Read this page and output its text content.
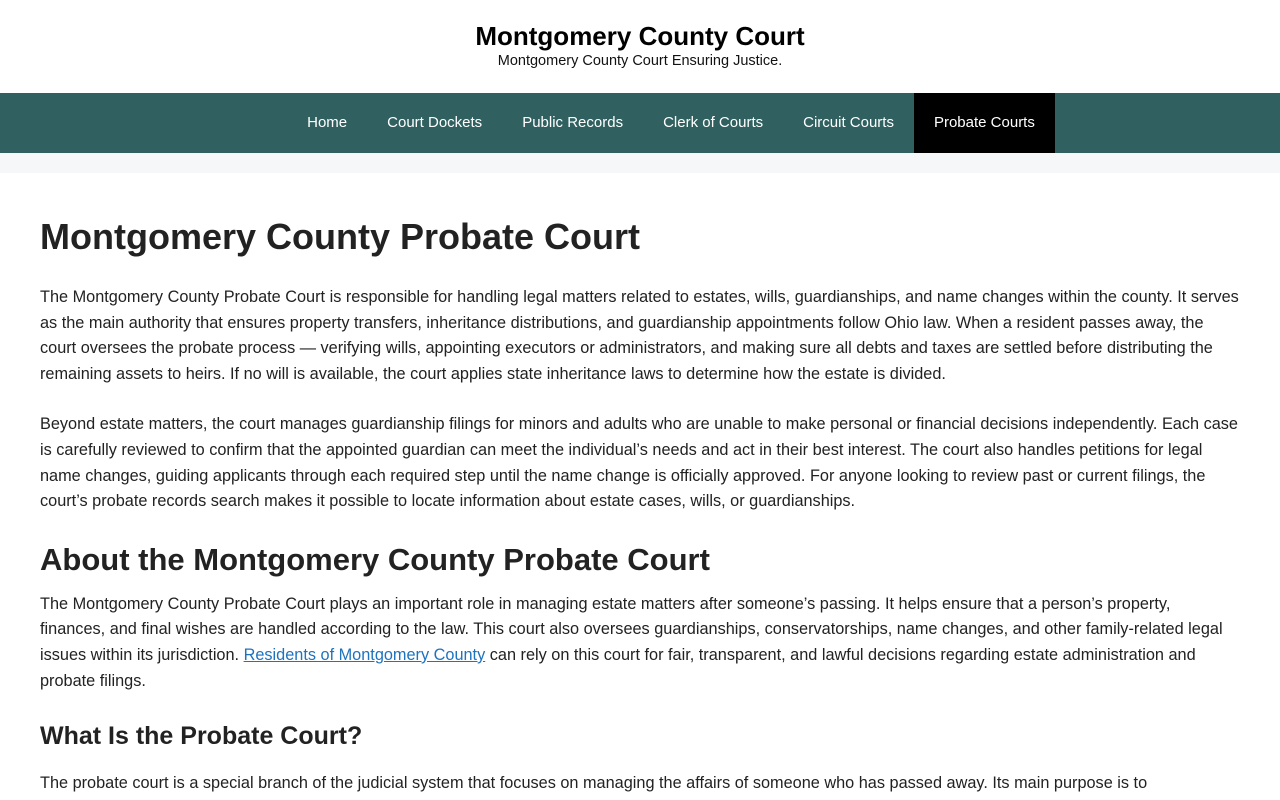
Montgomery County Court
Montgomery County Court Ensuring Justice.
Home	Court Dockets	Public Records	Clerk of Courts	Circuit Courts	Probate Courts
Montgomery County Probate Court

The Montgomery County Probate Court is responsible for handling legal matters related to estates, wills, guardianships, and name changes within the county. It serves as the main authority that ensures property transfers, inheritance distributions, and guardianship appointments follow Ohio law. When a resident passes away, the court oversees the probate process — verifying wills, appointing executors or administrators, and making sure all debts and taxes are settled before distributing the remaining assets to heirs. If no will is available, the court applies state inheritance laws to determine how the estate is divided.

Beyond estate matters, the court manages guardianship filings for minors and adults who are unable to make personal or financial decisions independently. Each case is carefully reviewed to confirm that the appointed guardian can meet the individual’s needs and act in their best interest. The court also handles petitions for legal name changes, guiding applicants through each required step until the name change is officially approved. For anyone looking to review past or current filings, the court’s probate records search makes it possible to locate information about estate cases, wills, or guardianships.

About the Montgomery County Probate Court

The Montgomery County Probate Court plays an important role in managing estate matters after someone’s passing. It helps ensure that a person’s property, finances, and final wishes are handled according to the law. This court also oversees guardianships, conservatorships, name changes, and other family-related legal issues within its jurisdiction. Residents of Montgomery County can rely on this court for fair, transparent, and lawful decisions regarding estate administration and probate filings.

What Is the Probate Court?

The probate court is a special branch of the judicial system that focuses on managing the affairs of someone who has passed away. Its main purpose is to
